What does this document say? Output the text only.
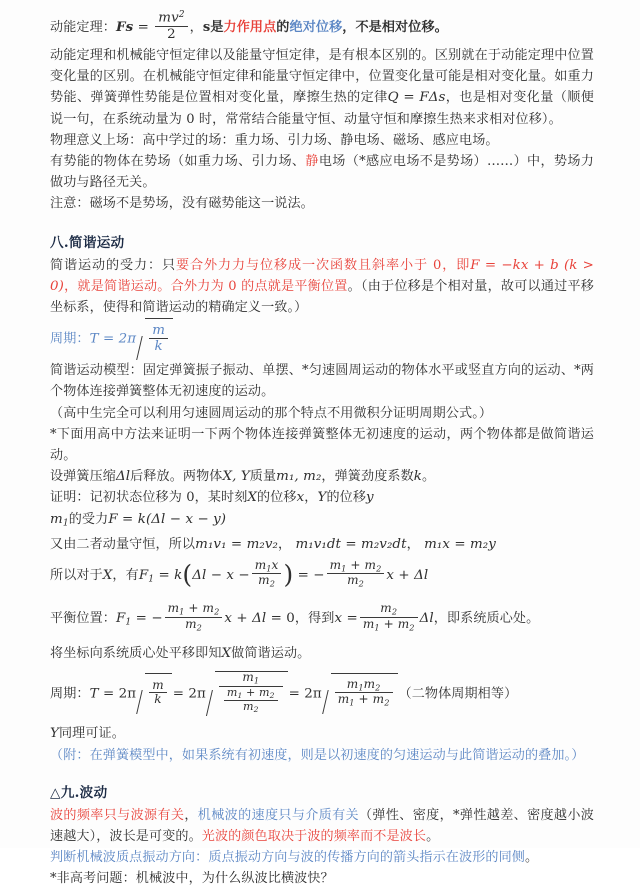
动能定理：$Fs = \frac{mv^2}{2}$ ，s是力作用点的绝对位移，不是相对位移。
动能定理和机械能守恒定律以及能量守恒定律，是有根本区别的。区别就在于动能定理中位置变化量的区别。在机械能守恒定律和能量守恒定律中，位置变化量可能是相对变化量。如重力势能、弹簧弹性势能是位置相对变化量，摩擦生热的定律Q = FΔs，也是相对变化量（顺便说一句，在系统动量为 0 时，常常结合能量守恒、动量守恒和摩擦生热来求相对位移）。
物理意义上场：高中学过的场：重力场、引力场、静电场、磁场、感应电场。
有势能的物体在势场（如重力场、引力场、静电场（*感应电场不是势场）……）中，势场力做功与路径无关。
注意：磁场不是势场，没有磁势能这一说法。
八.简谐运动
简谐运动的受力：只要合外力力与位移成一次函数且斜率小于 0，即F = −kx + b (k > 0)，就是简谐运动。合外力为 0 的点就是平衡位置。（由于位移是个相对量，故可以通过平移坐标系，使得和简谐运动的精确定义一致。）
周期：$T = 2\pi \frac{m}{k}$
简谐运动模型：固定弹簧振子振动、单摆、*匀速圆周运动的物体水平或竖直方向的运动、*两个物体连接弹簧整体无初速度的运动。
（高中生完全可以利用匀速圆周运动的那个特点不用微积分证明周期公式。）
*下面用高中方法来证明一下两个物体连接弹簧整体无初速度的运动，两个物体都是做简谐运动。
设弹簧压缩Δl后释放。两物体X, Y质量m₁, m₂，弹簧劲度系数k。
证明：记初状态位移为 0，某时刻X的位移x，Y的位移y
$m_1$的受力F = k(Δl − x − y)
又由二者动量守恒，所以m₁v₁ = m₂v₂， m₁v₁dt = m₂v₂dt， m₁x = m₂y
所以对于X，有$F_1 = k(\Delta l - x - \frac{m_1x}{m_2}$ ) = − $\frac{m_1 + m_2}{m_2}$ x + Δl
平衡位置：$F_1$ = − $\frac{m_1 + m_2}{m_2}$ x + Δl = 0，得到$x = \frac{m_2}{m_1 + m_2}$ Δl，即系统质心处。
将坐标向系统质心处平移即知X做简谐运动。
周期：$T = 2\pi \frac{m}{k} = 2\pi \frac{m_1}{\frac{m_1 + m_2}{m_2}} = 2\pi \frac{m_1m_2}{m_1 + m_2}$ （二物体周期相等）
Y同理可证。
（附：在弹簧模型中，如果系统有初速度，则是以初速度的匀速运动与此简谐运动的叠加。）
△九.波动
波的频率只与波源有关，机械波的速度只与介质有关（弹性、密度，*弹性越差、密度越小波速越大），波长是可变的。光波的颜色取决于波的频率而不是波长。
判断机械波质点振动方向：质点振动方向与波的传播方向的箭头指示在波形的同侧。
*非高考问题：机械波中，为什么纵波比横波快？
